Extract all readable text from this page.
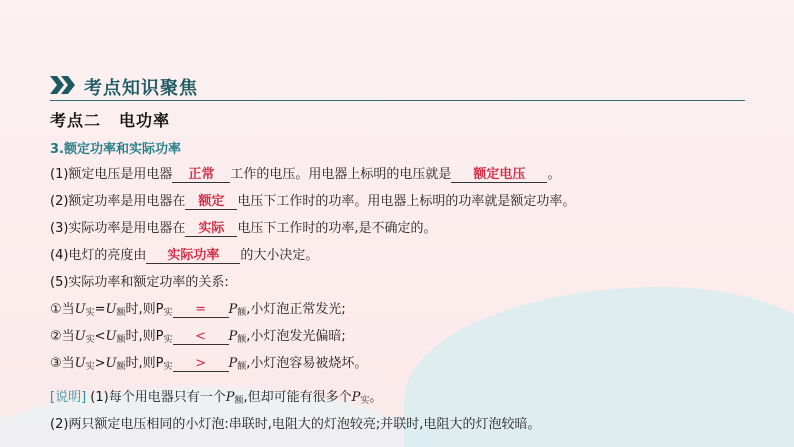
考点知识聚焦
考点二 电功率
3.额定功率和实际功率
(1)额定电压是用电器 正常 工作的电压。用电器上标明的电压就是 额定电压 。
(2)额定功率是用电器在 额定 电压下工作时的功率。用电器上标明的功率就是额定功率。
(3)实际功率是用电器在 实际 电压下工作时的功率,是不确定的。
(4)电灯的亮度由 实际功率 的大小决定。
(5)实际功率和额定功率的关系:
①当$U_实=U_额$时,则$P_实 = P_额$,小灯泡正常发光;
②当$U_实<U_额$时,则$P_实 < P_额$,小灯泡发光偏暗;
③当$U_实>U_额$时,则$P_实 > P_额$,小灯泡容易被烧坏。
[说明] (1)每个用电器只有一个$P_额$,但却可能有很多个$P_实$。
(2)两只额定电压相同的小灯泡:串联时,电阻大的灯泡较亮;并联时,电阻大的灯泡较暗。
